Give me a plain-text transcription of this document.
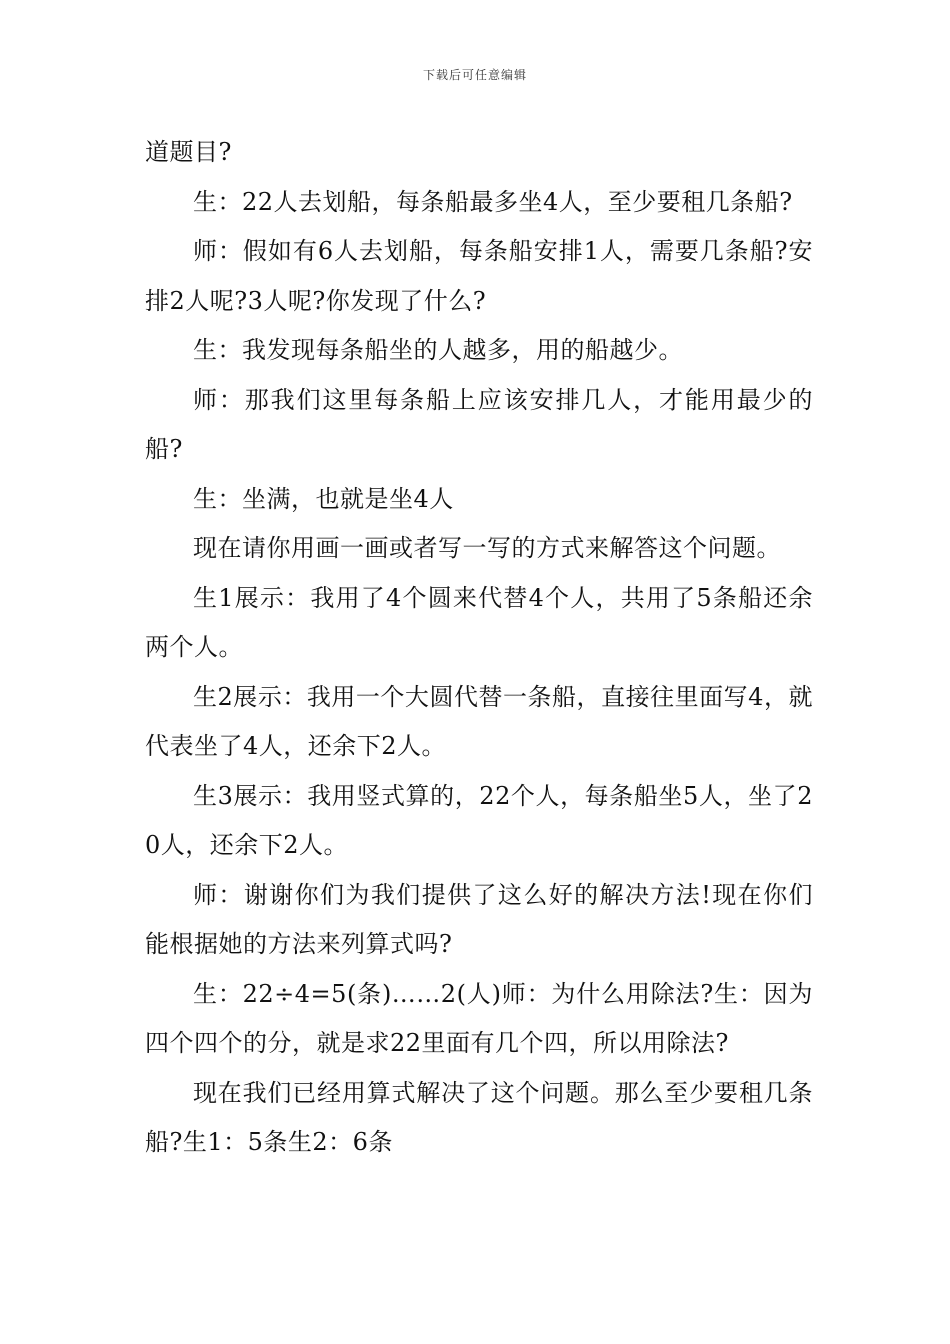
下载后可任意编辑

道题目?

生：22人去划船，每条船最多坐4人，至少要租几条船?

师：假如有6人去划船，每条船安排1人，需要几条船?安排2人呢?3人呢?你发现了什么?

生：我发现每条船坐的人越多，用的船越少。

师：那我们这里每条船上应该安排几人，才能用最少的船?

生：坐满，也就是坐4人

现在请你用画一画或者写一写的方式来解答这个问题。

生1展示：我用了4个圆来代替4个人，共用了5条船还余两个人。

生2展示：我用一个大圆代替一条船，直接往里面写4，就代表坐了4人，还余下2人。

生3展示：我用竖式算的，22个人，每条船坐5人，坐了20人，还余下2人。

师：谢谢你们为我们提供了这么好的解决方法!现在你们能根据她的方法来列算式吗?

生：22÷4=5(条)……2(人)师：为什么用除法?生：因为四个四个的分，就是求22里面有几个四，所以用除法?

现在我们已经用算式解决了这个问题。那么至少要租几条船?生1：5条生2：6条
